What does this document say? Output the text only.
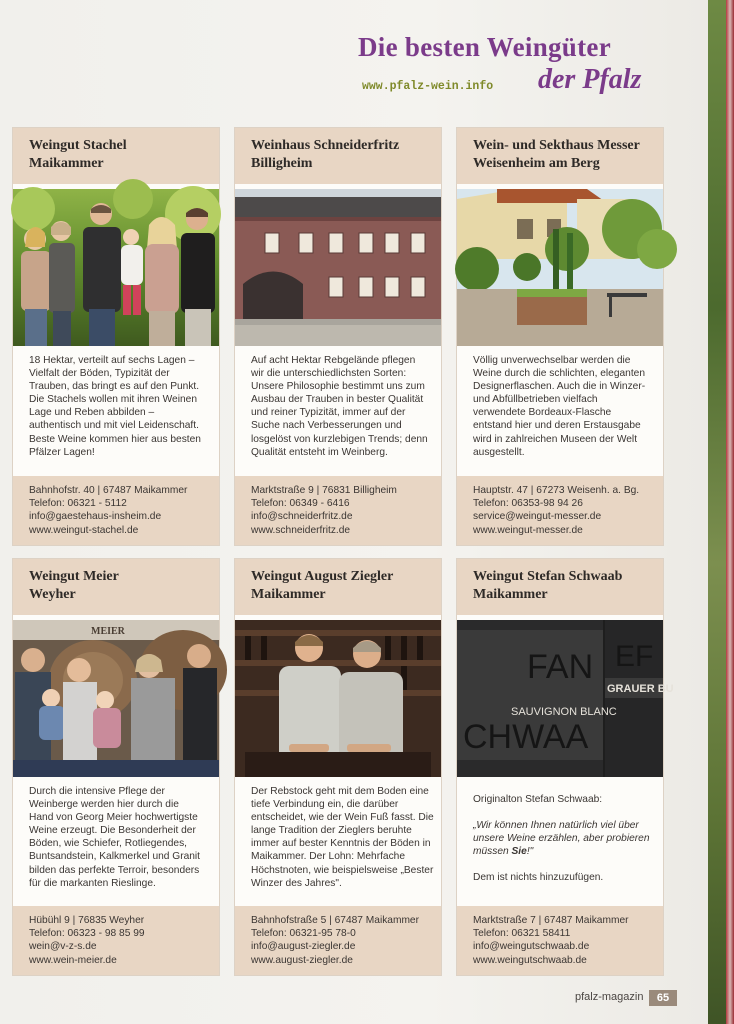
Die besten Weingüter
der Pfalz
www.pfalz-wein.info
Weingut Stachel
Maikammer
18 Hektar, verteilt auf sechs Lagen –
Vielfalt der Böden, Typizität der
Trauben, das bringt es auf den Punkt.
Die Stachels wollen mit ihren Weinen
Lage und Reben abbilden –
authentisch und mit viel Leidenschaft.
Beste Weine kommen hier aus besten
Pfälzer Lagen!
Bahnhofstr. 40 | 67487 Maikammer
Telefon: 06321 - 5112
info@gaestehaus-insheim.de
www.weingut-stachel.de
Weinhaus Schneiderfritz
Billigheim
Auf acht Hektar Rebgelände pflegen
wir die unterschiedlichsten Sorten:
Unsere Philosophie bestimmt uns zum
Ausbau der Trauben in bester Qualität
und reiner Typizität, immer auf der
Suche nach Verbesserungen und
losgelöst von kurzlebigen Trends; denn
Qualität entsteht im Weinberg.
Marktstraße 9 | 76831 Billigheim
Telefon: 06349 - 6416
info@schneiderfritz.de
www.schneiderfritz.de
Wein- und Sekthaus Messer
Weisenheim am Berg
Völlig unverwechselbar werden die
Weine durch die schlichten, eleganten
Designerflaschen. Auch die in Winzer-
und Abfüllbetrieben vielfach
verwendete Bordeaux-Flasche
entstand hier und deren Erstausgabe
wird in zahlreichen Museen der Welt
ausgestellt.
Hauptstr. 47 | 67273 Weisenh. a. Bg.
Telefon: 06353-98 94 26
service@weingut-messer.de
www.weingut-messer.de
Weingut Meier
Weyher
MEIER
Durch die intensive Pflege der
Weinberge werden hier durch die
Hand von Georg Meier hochwertigste
Weine erzeugt. Die Besonderheit der
Böden, wie Schiefer, Rotliegendes,
Buntsandstein, Kalkmerkel und Granit
bilden das perfekte Terroir, besonders
für die markanten Rieslinge.
Hübühl 9 | 76835 Weyher
Telefon: 06323 - 98 85 99
wein@v-z-s.de
www.wein-meier.de
Weingut August Ziegler
Maikammer
Der Rebstock geht mit dem Boden eine
tiefe Verbindung ein, die darüber
entscheidet, wie der Wein Fuß fasst. Die
lange Tradition der Zieglers beruhte
immer auf bester Kenntnis der Böden in
Maikammer. Der Lohn: Mehrfache
Höchstnoten, wie beispielsweise „Bester
Winzer des Jahres".
Bahnhofstraße 5 | 67487 Maikammer
Telefon: 06321-95 78-0
info@august-ziegler.de
www.august-ziegler.de
Weingut Stefan Schwaab
Maikammer
FAN
CHWAA
SAUVIGNON BLANC
EF
GRAUER BU
Originalton Stefan Schwaab:
„Wir können Ihnen natürlich viel über
unsere Weine erzählen, aber probieren
müssen Sie!"
Dem ist nichts hinzuzufügen.
Marktstraße 7 | 67487 Maikammer
Telefon: 06321 58411
info@weingutschwaab.de
www.weingutschwaab.de
pfalz-magazin	65
